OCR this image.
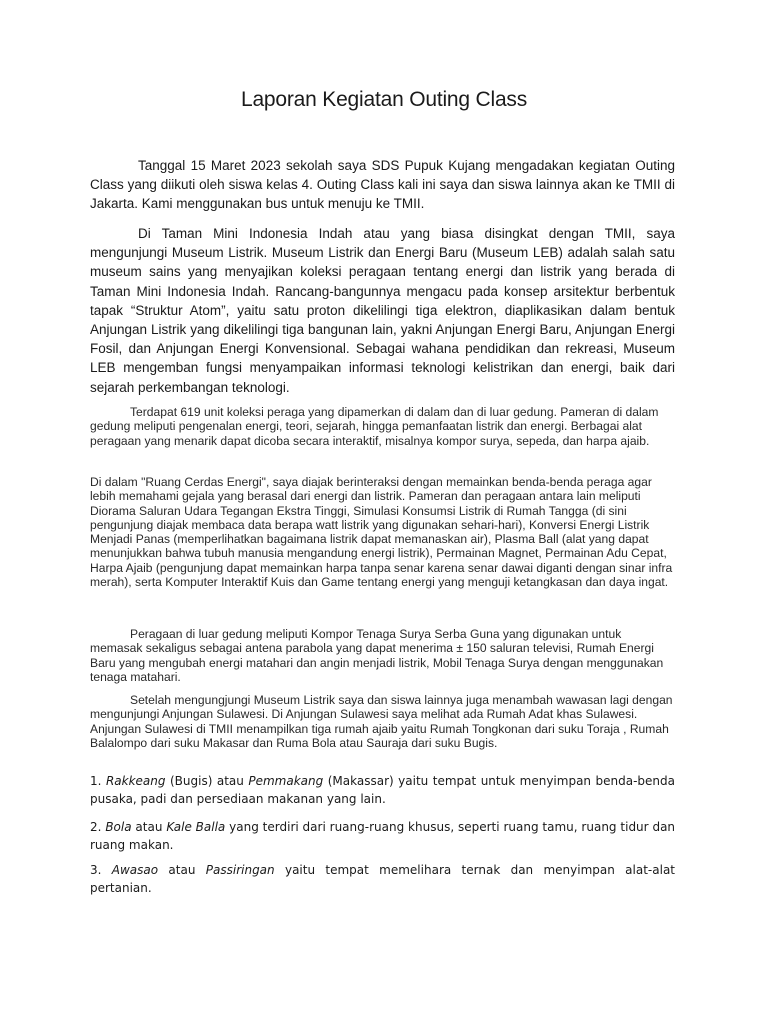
Laporan Kegiatan Outing Class

Tanggal 15 Maret 2023 sekolah saya SDS Pupuk Kujang mengadakan kegiatan Outing Class yang diikuti oleh siswa kelas 4. Outing Class kali ini saya dan siswa lainnya akan ke TMII di Jakarta. Kami menggunakan bus untuk menuju ke TMII.

Di Taman Mini Indonesia Indah atau yang biasa disingkat dengan TMII, saya mengunjungi Museum Listrik. Museum Listrik dan Energi Baru (Museum LEB) adalah salah satu museum sains yang menyajikan koleksi peragaan tentang energi dan listrik yang berada di Taman Mini Indonesia Indah. Rancang-bangunnya mengacu pada konsep arsitektur berbentuk tapak “Struktur Atom”, yaitu satu proton dikelilingi tiga elektron, diaplikasikan dalam bentuk Anjungan Listrik yang dikelilingi tiga bangunan lain, yakni Anjungan Energi Baru, Anjungan Energi Fosil, dan Anjungan Energi Konvensional. Sebagai wahana pendidikan dan rekreasi, Museum LEB mengemban fungsi menyampaikan informasi teknologi kelistrikan dan energi, baik dari sejarah perkembangan teknologi.

Terdapat 619 unit koleksi peraga yang dipamerkan di dalam dan di luar gedung. Pameran di dalam gedung meliputi pengenalan energi, teori, sejarah, hingga pemanfaatan listrik dan energi. Berbagai alat peragaan yang menarik dapat dicoba secara interaktif, misalnya kompor surya, sepeda, dan harpa ajaib.

Di dalam "Ruang Cerdas Energi", saya diajak berinteraksi dengan memainkan benda-benda peraga agar lebih memahami gejala yang berasal dari energi dan listrik. Pameran dan peragaan antara lain meliputi Diorama Saluran Udara Tegangan Ekstra Tinggi, Simulasi Konsumsi Listrik di Rumah Tangga (di sini pengunjung diajak membaca data berapa watt listrik yang digunakan sehari-hari), Konversi Energi Listrik Menjadi Panas (memperlihatkan bagaimana listrik dapat memanaskan air), Plasma Ball (alat yang dapat menunjukkan bahwa tubuh manusia mengandung energi listrik), Permainan Magnet, Permainan Adu Cepat, Harpa Ajaib (pengunjung dapat memainkan harpa tanpa senar karena senar dawai diganti dengan sinar infra merah), serta Komputer Interaktif Kuis dan Game tentang energi yang menguji ketangkasan dan daya ingat.

Peragaan di luar gedung meliputi Kompor Tenaga Surya Serba Guna yang digunakan untuk memasak sekaligus sebagai antena parabola yang dapat menerima ± 150 saluran televisi, Rumah Energi Baru yang mengubah energi matahari dan angin menjadi listrik, Mobil Tenaga Surya dengan menggunakan tenaga matahari.

Setelah mengungjungi Museum Listrik saya dan siswa lainnya juga menambah wawasan lagi dengan mengunjungi Anjungan Sulawesi. Di Anjungan Sulawesi saya melihat ada Rumah Adat khas Sulawesi. Anjungan Sulawesi di TMII menampilkan tiga rumah ajaib yaitu Rumah Tongkonan dari suku Toraja , Rumah Balalompo dari suku Makasar dan Ruma Bola atau Sauraja dari suku Bugis.

1. Rakkeang (Bugis) atau Pemmakang (Makassar) yaitu tempat untuk menyimpan benda-benda pusaka, padi dan persediaan makanan yang lain.

2. Bola atau Kale Balla yang terdiri dari ruang-ruang khusus, seperti ruang tamu, ruang tidur dan ruang makan.

3. Awasao atau Passiringan yaitu tempat memelihara ternak dan menyimpan alat-alat pertanian.
